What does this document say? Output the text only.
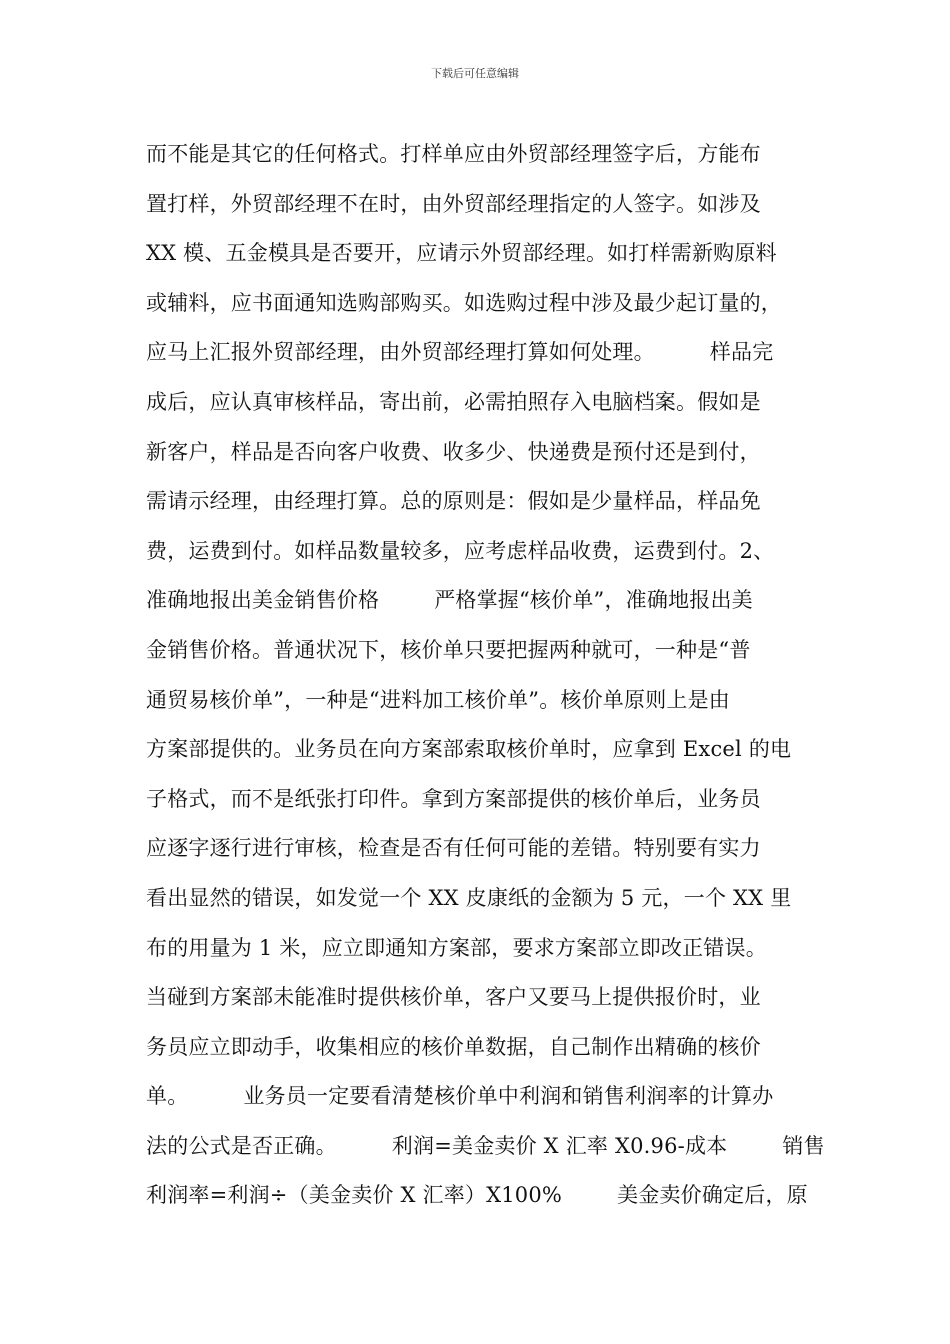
下载后可任意编辑
而不能是其它的任何格式。打样单应由外贸部经理签字后，方能布
置打样，外贸部经理不在时，由外贸部经理指定的人签字。如涉及
XX 模、五金模具是否要开，应请示外贸部经理。如打样需新购原料
或辅料，应书面通知选购部购买。如选购过程中涉及最少起订量的，
应马上汇报外贸部经理，由外贸部经理打算如何处理。        样品完
成后，应认真审核样品，寄出前，必需拍照存入电脑档案。假如是
新客户，样品是否向客户收费、收多少、快递费是预付还是到付，
需请示经理，由经理打算。总的原则是：假如是少量样品，样品免
费，运费到付。如样品数量较多，应考虑样品收费，运费到付。2、
准确地报出美金销售价格        严格掌握“核价单”，准确地报出美
金销售价格。普通状况下，核价单只要把握两种就可，一种是“普
通贸易核价单”，一种是“进料加工核价单”。核价单原则上是由
方案部提供的。业务员在向方案部索取核价单时，应拿到 Excel 的电
子格式，而不是纸张打印件。拿到方案部提供的核价单后，业务员
应逐字逐行进行审核，检查是否有任何可能的差错。特别要有实力
看出显然的错误，如发觉一个 XX 皮康纸的金额为 5 元，一个 XX 里
布的用量为 1 米，应立即通知方案部，要求方案部立即改正错误。
当碰到方案部未能准时提供核价单，客户又要马上提供报价时，业
务员应立即动手，收集相应的核价单数据，自己制作出精确的核价
单。        业务员一定要看清楚核价单中利润和销售利润率的计算办
法的公式是否正确。        利润=美金卖价 X 汇率 X0.96-成本        销售
利润率=利润÷（美金卖价 X 汇率）X100%        美金卖价确定后，原
